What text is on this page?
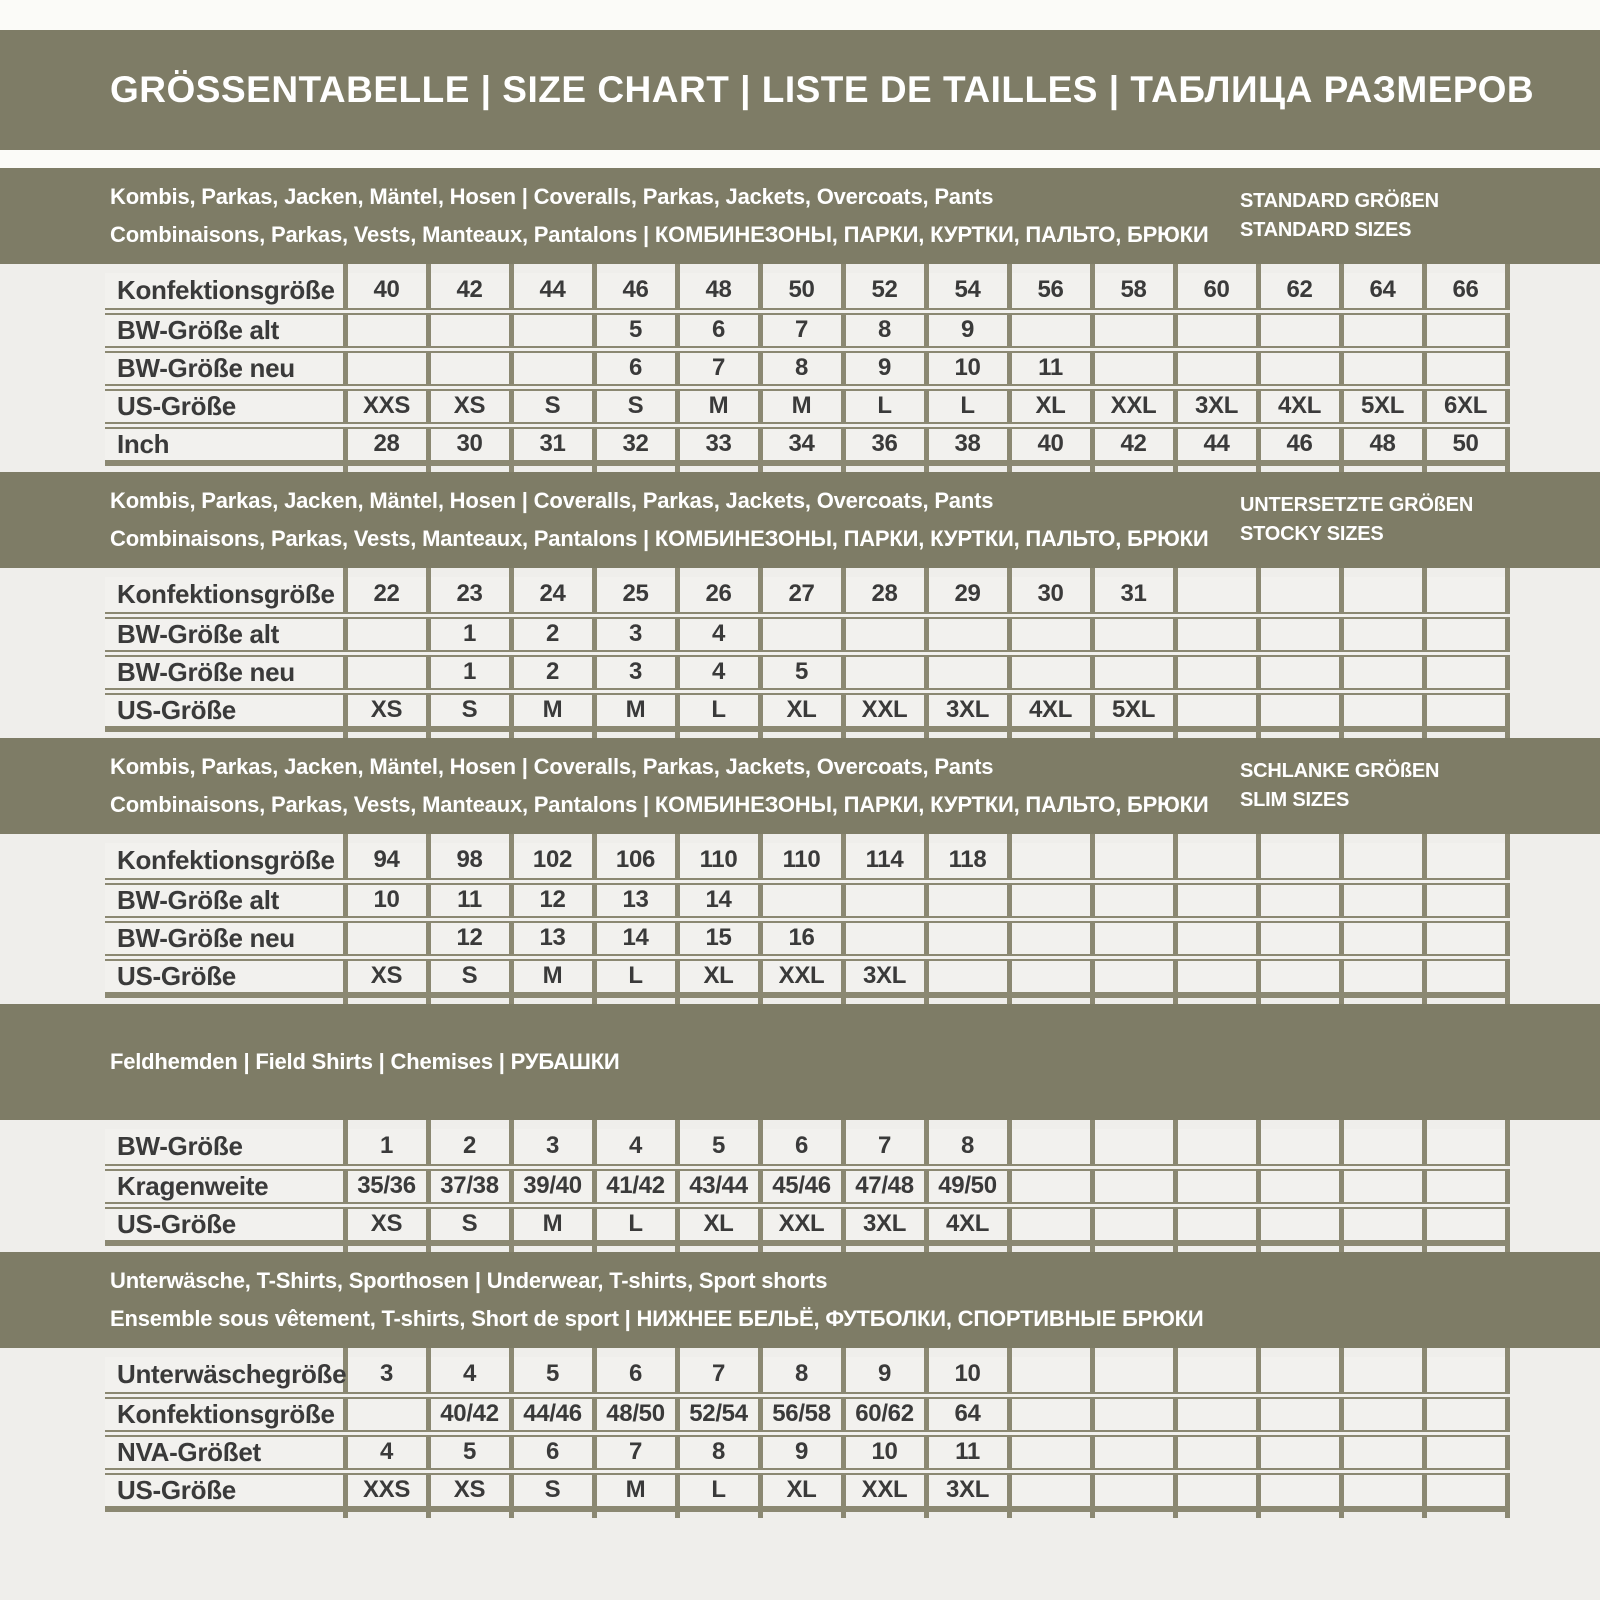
GRÖSSENTABELLE | SIZE CHART | LISTE DE TAILLES | ТАБЛИЦА РАЗМЕРОВ
Kombis, Parkas, Jacken, Mäntel, Hosen | Coveralls, Parkas, Jackets, Overcoats, Pants
Combinaisons, Parkas, Vests, Manteaux, Pantalons | КОМБИНЕЗОНЫ, ПАРКИ, КУРТКИ, ПАЛЬТО, БРЮКИ
STANDARD GRÖßEN
STANDARD SIZES

Konfektionsgröße	40	42	44	46	48	50	52	54	56	58	60	62	64	66
BW-Größe alt				5	6	7	8	9						
BW-Größe neu				6	7	8	9	10	11					
US-Größe	XXS	XS	S	S	M	M	L	L	XL	XXL	3XL	4XL	5XL	6XL
Inch	28	30	31	32	33	34	36	38	40	42	44	46	48	50

Kombis, Parkas, Jacken, Mäntel, Hosen | Coveralls, Parkas, Jackets, Overcoats, Pants
Combinaisons, Parkas, Vests, Manteaux, Pantalons | КОМБИНЕЗОНЫ, ПАРКИ, КУРТКИ, ПАЛЬТО, БРЮКИ
UNTERSETZTE GRÖßEN
STOCKY SIZES

Konfektionsgröße	22	23	24	25	26	27	28	29	30	31				
BW-Größe alt		1	2	3	4									
BW-Größe neu		1	2	3	4	5								
US-Größe	XS	S	M	M	L	XL	XXL	3XL	4XL	5XL				

Kombis, Parkas, Jacken, Mäntel, Hosen | Coveralls, Parkas, Jackets, Overcoats, Pants
Combinaisons, Parkas, Vests, Manteaux, Pantalons | КОМБИНЕЗОНЫ, ПАРКИ, КУРТКИ, ПАЛЬТО, БРЮКИ
SCHLANKE GRÖßEN
SLIM SIZES

Konfektionsgröße	94	98	102	106	110	110	114	118						
BW-Größe alt	10	11	12	13	14									
BW-Größe neu		12	13	14	15	16								
US-Größe	XS	S	M	L	XL	XXL	3XL							

Feldhemden | Field Shirts | Chemises | РУБАШКИ

BW-Größe	1	2	3	4	5	6	7	8						
Kragenweite	35/36	37/38	39/40	41/42	43/44	45/46	47/48	49/50						
US-Größe	XS	S	M	L	XL	XXL	3XL	4XL						

Unterwäsche, T-Shirts, Sporthosen | Underwear, T-shirts, Sport shorts
Ensemble sous vêtement, T-shirts, Short de sport | НИЖНЕЕ БЕЛЬЁ, ФУТБОЛКИ, СПОРТИВНЫЕ БРЮКИ

Unterwäschegröße	3	4	5	6	7	8	9	10						
Konfektionsgröße		40/42	44/46	48/50	52/54	56/58	60/62	64						
NVA-Größet	4	5	6	7	8	9	10	11						
US-Größe	XXS	XS	S	M	L	XL	XXL	3XL						
